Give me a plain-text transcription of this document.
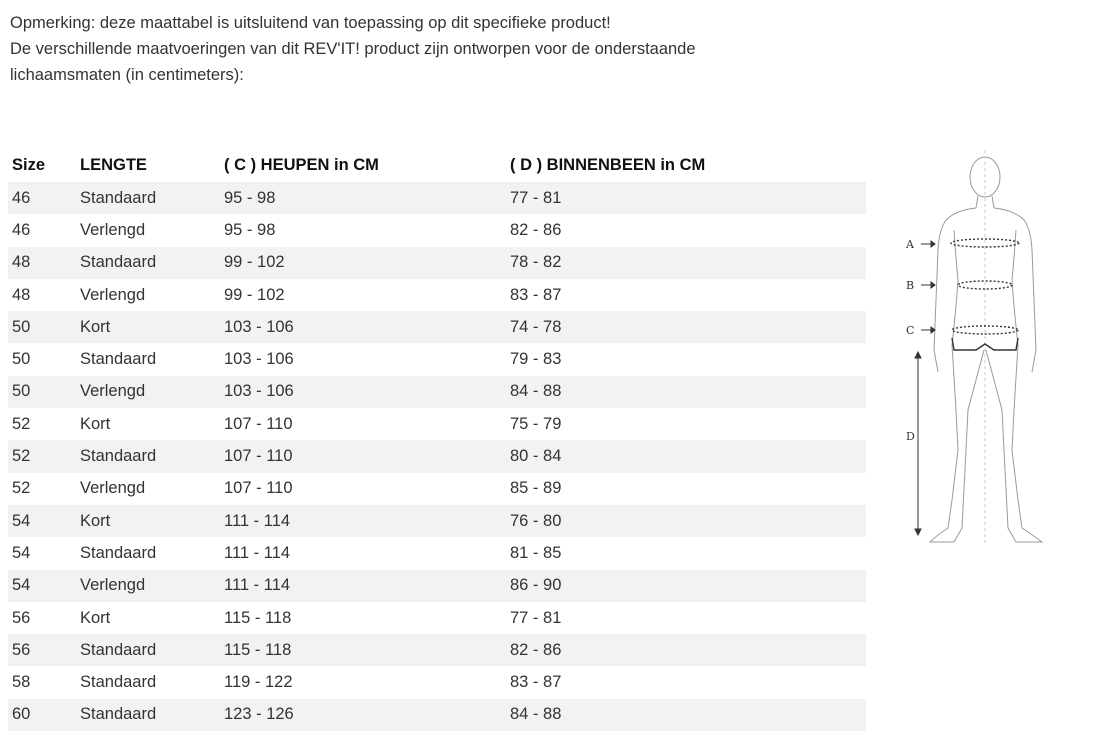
Opmerking: deze maattabel is uitsluitend van toepassing op dit specifieke product!

De verschillende maatvoeringen van dit REV'IT! product zijn ontworpen voor de onderstaande

lichaamsmaten (in centimeters):

Size	LENGTE	( C ) HEUPEN in CM	( D ) BINNENBEEN in CM
46	Standaard	95 - 98	77 - 81
46	Verlengd	95 - 98	82 - 86
48	Standaard	99 - 102	78 - 82
48	Verlengd	99 - 102	83 - 87
50	Kort	103 - 106	74 - 78
50	Standaard	103 - 106	79 - 83
50	Verlengd	103 - 106	84 - 88
52	Kort	107 - 110	75 - 79
52	Standaard	107 - 110	80 - 84
52	Verlengd	107 - 110	85 - 89
54	Kort	111 - 114	76 - 80
54	Standaard	111 - 114	81 - 85
54	Verlengd	111 - 114	86 - 90
56	Kort	115 - 118	77 - 81
56	Standaard	115 - 118	82 - 86
58	Standaard	119 - 122	83 - 87
60	Standaard	123 - 126	84 - 88
A
B
C
D
